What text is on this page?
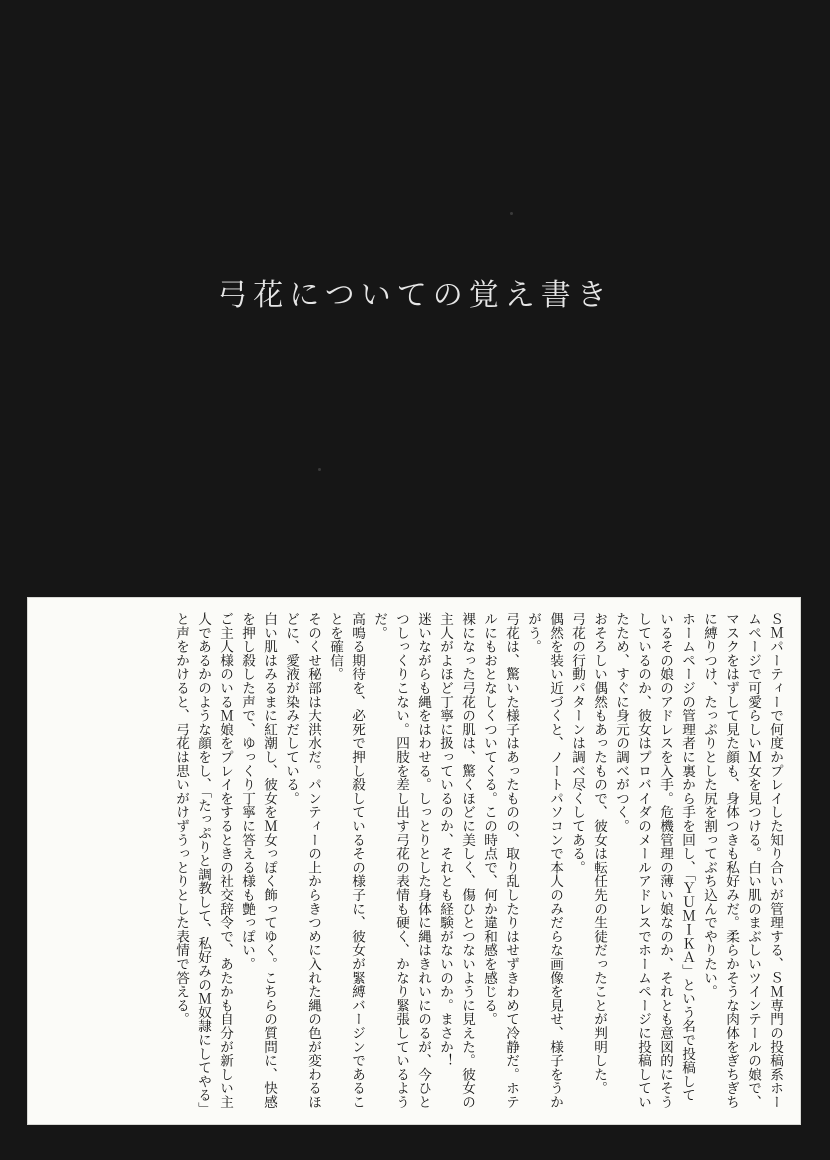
弓花についての覚え書き

ＳＭパーティーで何度かプレイした知り合いが管理する、ＳＭ専門の投稿系ホームページで可愛らしいＭ女を見つける。白い肌のまぶしいツインテールの娘で、マスクをはずして見た顔も、身体つきも私好みだ。柔らかそうな肉体をぎちぎちに縛りつけ、たっぷりとした尻を割ってぶち込んでやりたい。

ホームページの管理者に裏から手を回し、「ＹＵＭＩＫＡ」という名で投稿しているその娘のアドレスを入手。危機管理の薄い娘なのか、それとも意図的にそうしているのか、彼女はプロバイダのメールアドレスでホームページに投稿していたため、すぐに身元の調べがつく。

おそろしい偶然もあったもので、彼女は転任先の生徒だったことが判明した。

弓花の行動パターンは調べ尽くしてある。

偶然を装い近づくと、ノートパソコンで本人のみだらな画像を見せ、様子をうかがう。

弓花は、驚いた様子はあったものの、取り乱したりはせずきわめて冷静だ。ホテルにもおとなしくついてくる。この時点で、何か違和感を感じる。

裸になった弓花の肌は、驚くほどに美しく、傷ひとつないように見えた。彼女の主人がよほど丁寧に扱っているのか、それとも経験がないのか。まさか！

迷いながらも縄をはわせる。しっとりとした身体に縄はきれいにのるが、今ひとつしっくりこない。四肢を差し出す弓花の表情も硬く、かなり緊張しているようだ。

高鳴る期待を、必死で押し殺しているその様子に、彼女が緊縛バージンであることを確信。

そのくせ秘部は大洪水だ。パンティーの上からきつめに入れた縄の色が変わるほどに、愛液が染みだしている。

白い肌はみるまに紅潮し、彼女をＭ女っぽく飾ってゆく。こちらの質問に、快感を押し殺した声で、ゆっくり丁寧に答える様も艶っぽい。

ご主人様のいるＭ娘をプレイをするときの社交辞令で、あたかも自分が新しい主人であるかのような顔をし、「たっぷりと調教して、私好みのＭ奴隷にしてやる」と声をかけると、弓花は思いがけずうっとりとした表情で答える。
